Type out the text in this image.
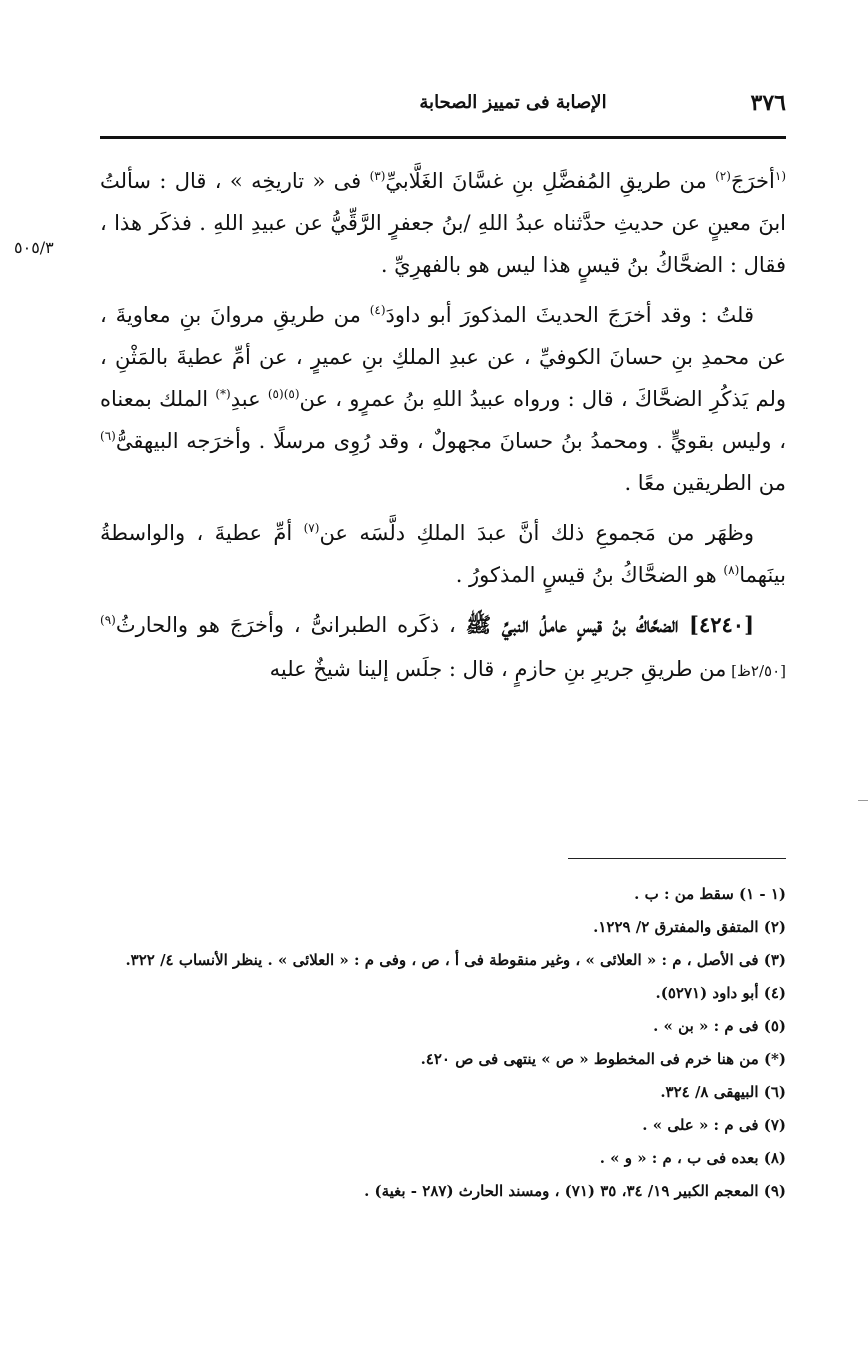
٣٧٦
الإصابة فى تمييز الصحابة
٥٠٥/٣

$^{(١}$أخرَجَ$^{(٢)}$ من طريقِ المُفضَّلِ بنِ غسَّانَ الغَلَّابيِّ$^{(٣)}$ فى « تاريخِه » ، قال : سألتُ ابنَ معينٍ عن حديثِ حدَّثناه عبدُ اللهِ /بنُ جعفرٍ الرَّقِّيُّ عن عبيدِ اللهِ . فذكَر هذا ، فقال : الضحَّاكُ بنُ قيسٍ هذا ليس هو بالفهرِيِّ .

قلتُ : وقد أخرَجَ الحديثَ المذكورَ أبو داودَ$^{(٤)}$ من طريقِ مروانَ بنِ معاويةَ ، عن محمدِ بنِ حسانَ الكوفيِّ ، عن عبدِ الملكِ بنِ عميرٍ ، عن أمِّ عطيةَ بالمَثْنِ ، ولم يَذكُرِ الضحَّاكَ ، قال : ورواه عبيدُ اللهِ بنُ عمرٍو ، عن$^{(٥)(٥)}$ عبدِ(*) الملك بمعناه ، وليس بقويٍّ . ومحمدُ بنُ حسانَ مجهولٌ ، وقد رُوِى مرسلًا . وأخرَجه البيهقىُّ$^{(٦)}$ من الطريقين معًا .

وظهَر من مَجموعِ ذلك أنَّ عبدَ الملكِ دلَّسَه عن$^{(٧)}$ أمِّ عطيةَ ، والواسطةُ بينَهما$^{(٨)}$ هو الضحَّاكُ بنُ قيسٍ المذكورُ .

[٤٢٤٠] الضحَّاكُ بنُ قيسٍ عاملُ النبيِّ ﷺ ، ذكَره الطبرانىُّ ، وأخرَجَ هو والحارثُ$^{(٩)}$ [٢/٥٠ظ] من طريقِ جريرِ بنِ حازمٍ ، قال : جلَس إلينا شيخٌ عليه

(١ - ١) سقط من : ب .
(٢) المتفق والمفترق ٢/ ١٢٢٩.
(٣) فى الأصل ، م : « العلائى » ، وغير منقوطة فى أ ، ص ، وفى م : « العلائى » . ينظر الأنساب ٤/ ٣٢٢.
(٤) أبو داود (٥٢٧١).
(٥) فى م : « بن » .
(*) من هنا خرم فى المخطوط « ص » ينتهى فى ص ٤٢٠.
(٦) البيهقى ٨/ ٣٢٤.
(٧) فى م : « على » .
(٨) بعده فى ب ، م : « و » .
(٩) المعجم الكبير ١٩/ ٣٤، ٣٥ (٧١) ، ومسند الحارث (٢٨٧ - بغية) .
